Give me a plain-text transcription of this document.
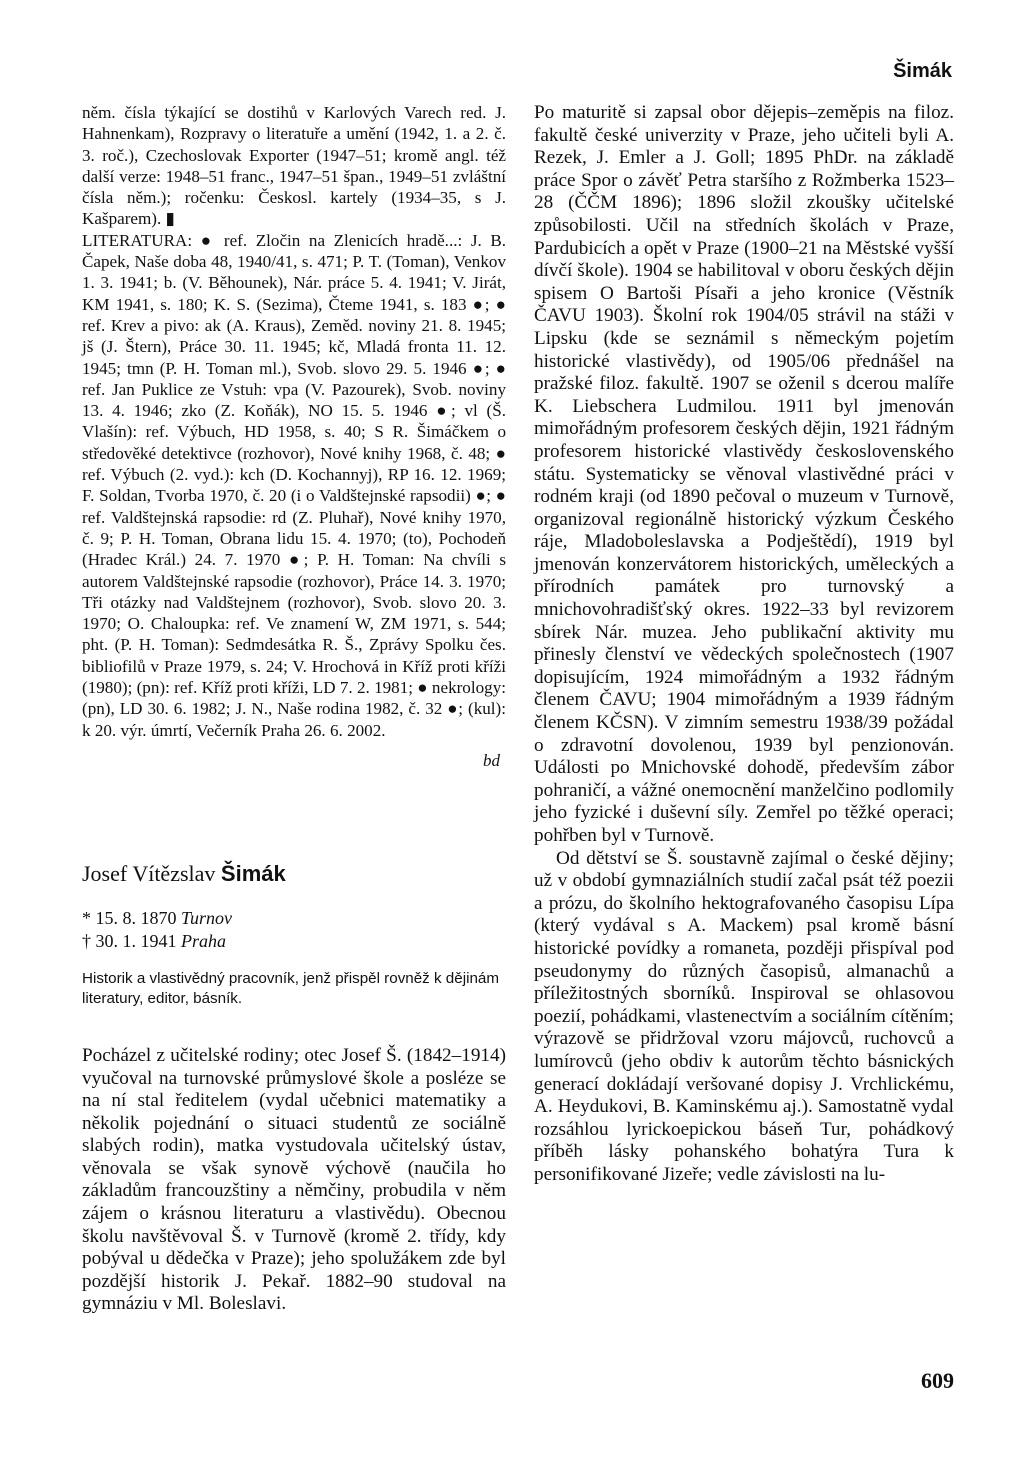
Šimák

něm. čísla týkající se dostihů v Karlových Varech red. J. Hahnenkam), Rozpravy o literatuře a umění (1942, 1. a 2. č. 3. roč.), Czechoslovak Exporter (1947–51; kromě angl. též další verze: 1948–51 franc., 1947–51 špan., 1949–51 zvláštní čísla něm.); ročenku: Českosl. kartely (1934–35, s J. Kašparem). ▮

LITERATURA: ● ref. Zločin na Zlenicích hradě...: J. B. Čapek, Naše doba 48, 1940/41, s. 471; P. T. (Toman), Venkov 1. 3. 1941; b. (V. Běhounek), Nár. práce 5. 4. 1941; V. Jirát, KM 1941, s. 180; K. S. (Sezima), Čteme 1941, s. 183 ●; ● ref. Krev a pivo: ak (A. Kraus), Zeměd. noviny 21. 8. 1945; jš (J. Štern), Práce 30. 11. 1945; kč, Mladá fronta 11. 12. 1945; tmn (P. H. Toman ml.), Svob. slovo 29. 5. 1946 ●; ● ref. Jan Puklice ze Vstuh: vpa (V. Pazourek), Svob. noviny 13. 4. 1946; zko (Z. Koňák), NO 15. 5. 1946 ●; vl (Š. Vlašín): ref. Výbuch, HD 1958, s. 40; S R. Šimáčkem o středověké detektivce (rozhovor), Nové knihy 1968, č. 48; ● ref. Výbuch (2. vyd.): kch (D. Kochannyj), RP 16. 12. 1969; F. Soldan, Tvorba 1970, č. 20 (i o Valdštejnské rapsodii) ●; ● ref. Valdštejnská rapsodie: rd (Z. Pluhař), Nové knihy 1970, č. 9; P. H. Toman, Obrana lidu 15. 4. 1970; (to), Pochodeň (Hradec Král.) 24. 7. 1970 ●; P. H. Toman: Na chvíli s autorem Valdštejnské rapsodie (rozhovor), Práce 14. 3. 1970; Tři otázky nad Valdštejnem (rozhovor), Svob. slovo 20. 3. 1970; O. Chaloupka: ref. Ve znamení W, ZM 1971, s. 544; pht. (P. H. Toman): Sedmdesátka R. Š., Zprávy Spolku čes. bibliofilů v Praze 1979, s. 24; V. Hrochová in Kříž proti kříži (1980); (pn): ref. Kříž proti kříži, LD 7. 2. 1981; ● nekrology: (pn), LD 30. 6. 1982; J. N., Naše rodina 1982, č. 32 ●; (kul): k 20. výr. úmrtí, Večerník Praha 26. 6. 2002.

bd
Josef Vítězslav Šimák
* 15. 8. 1870 Turnov
† 30. 1. 1941 Praha
Historik a vlastivědný pracovník, jenž přispěl rovněž k dějinám literatury, editor, básník.

Pocházel z učitelské rodiny; otec Josef Š. (1842–1914) vyučoval na turnovské průmyslové škole a posléze se na ní stal ředitelem (vydal učebnici matematiky a několik pojednání o situaci studentů ze sociálně slabých rodin), matka vystudovala učitelský ústav, věnovala se však synově výchově (naučila ho základům francouzštiny a němčiny, probudila v něm zájem o krásnou literaturu a vlastivědu). Obecnou školu navštěvoval Š. v Turnově (kromě 2. třídy, kdy pobýval u dědečka v Praze); jeho spolužákem zde byl pozdější historik J. Pekař. 1882–90 studoval na gymnáziu v Ml. Boleslavi.

Po maturitě si zapsal obor dějepis–zeměpis na filoz. fakultě české univerzity v Praze, jeho učiteli byli A. Rezek, J. Emler a J. Goll; 1895 PhDr. na základě práce Spor o závěť Petra staršího z Rožmberka 1523–28 (ČČM 1896); 1896 složil zkoušky učitelské způsobilosti. Učil na středních školách v Praze, Pardubicích a opět v Praze (1900–21 na Městské vyšší dívčí škole). 1904 se habilitoval v oboru českých dějin spisem O Bartoši Písaři a jeho kronice (Věstník ČAVU 1903). Školní rok 1904/05 strávil na stáži v Lipsku (kde se seznámil s německým pojetím historické vlastivědy), od 1905/06 přednášel na pražské filoz. fakultě. 1907 se oženil s dcerou malíře K. Liebschera Ludmilou. 1911 byl jmenován mimořádným profesorem českých dějin, 1921 řádným profesorem historické vlastivědy československého státu. Systematicky se věnoval vlastivědné práci v rodném kraji (od 1890 pečoval o muzeum v Turnově, organizoval regionálně historický výzkum Českého ráje, Mladoboleslavska a Podještědí), 1919 byl jmenován konzervátorem historických, uměleckých a přírodních památek pro turnovský a mnichovohradišťský okres. 1922–33 byl revizorem sbírek Nár. muzea. Jeho publikační aktivity mu přinesly členství ve vědeckých společnostech (1907 dopisujícím, 1924 mimořádným a 1932 řádným členem ČAVU; 1904 mimořádným a 1939 řádným členem KČSN). V zimním semestru 1938/39 požádal o zdravotní dovolenou, 1939 byl penzionován. Události po Mnichovské dohodě, především zábor pohraničí, a vážné onemocnění manželčino podlomily jeho fyzické i duševní síly. Zemřel po těžké operaci; pohřben byl v Turnově.

Od dětství se Š. soustavně zajímal o české dějiny; už v období gymnaziálních studií začal psát též poezii a prózu, do školního hektografovaného časopisu Lípa (který vydával s A. Mackem) psal kromě básní historické povídky a romaneta, později přispíval pod pseudonymy do různých časopisů, almanachů a příležitostných sborníků. Inspiroval se ohlasovou poezií, pohádkami, vlastenectvím a sociálním cítěním; výrazově se přidržoval vzoru májovců, ruchovců a lumírovců (jeho obdiv k autorům těchto básnických generací dokládají veršované dopisy J. Vrchlickému, A. Heydukovi, B. Kaminskému aj.). Samostatně vydal rozsáhlou lyrickoepickou báseň Tur, pohádkový příběh lásky pohanského bohatýra Tura k personifikované Jizeře; vedle závislosti na lu-

609
